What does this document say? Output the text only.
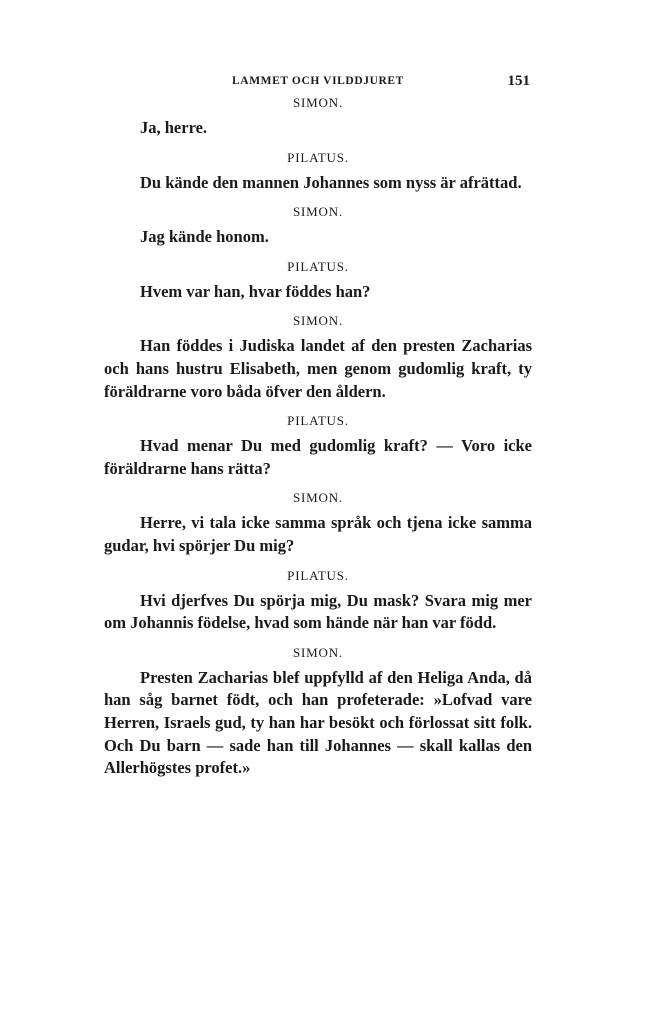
LAMMET OCH VILDDJURET	151
SIMON.

Ja, herre.

PILATUS.

Du kände den mannen Johannes som nyss är afrättad.

SIMON.

Jag kände honom.

PILATUS.

Hvem var han, hvar föddes han?

SIMON.

Han föddes i Judiska landet af den presten Zacharias och hans hustru Elisabeth, men genom gudomlig kraft, ty föräldrarne voro båda öfver den åldern.

PILATUS.

Hvad menar Du med gudomlig kraft? — Voro icke föräldrarne hans rätta?

SIMON.

Herre, vi tala icke samma språk och tjena icke samma gudar, hvi spörjer Du mig?

PILATUS.

Hvi djerfves Du spörja mig, Du mask? Svara mig mer om Johannis födelse, hvad som hände när han var född.

SIMON.

Presten Zacharias blef uppfylld af den Heliga Anda, då han såg barnet födt, och han profeterade: »Lofvad vare Herren, Israels gud, ty han har besökt och förlossat sitt folk. Och Du barn — sade han till Johannes — skall kallas den Allerhögstes profet.»
